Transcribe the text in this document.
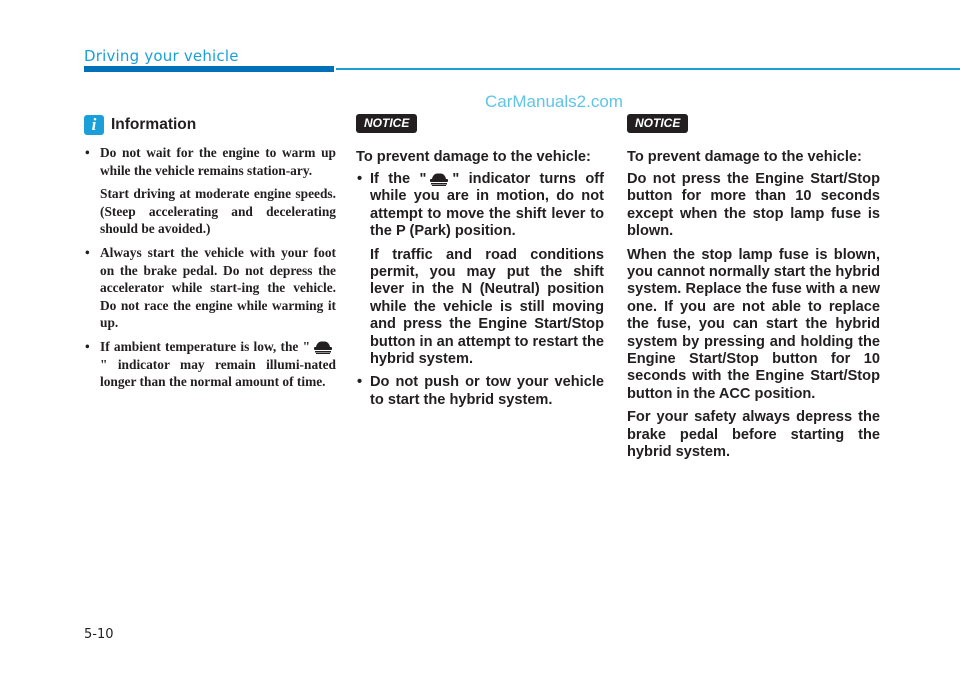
Driving your vehicle
CarManuals2.com
i Information

• Do not wait for the engine to warm up while the vehicle remains station-ary.

Start driving at moderate engine speeds. (Steep accelerating and decelerating should be avoided.)

• Always start the vehicle with your foot on the brake pedal. Do not depress the accelerator while start-ing the vehicle. Do not race the engine while warming it up.

• If ambient temperature is low, the "" indicator may remain illumi-nated longer than the normal amount of time.

NOTICE
To prevent damage to the vehicle:

• If the " " indicator turns off while you are in motion, do not attempt to move the shift lever to the P (Park) position.

If traffic and road conditions permit, you may put the shift lever in the N (Neutral) position while the vehicle is still moving and press the Engine Start/Stop button in an attempt to restart the hybrid system.

• Do not push or tow your vehicle to start the hybrid system.

NOTICE
To prevent damage to the vehicle:

Do not press the Engine Start/Stop button for more than 10 seconds except when the stop lamp fuse is blown.

When the stop lamp fuse is blown, you cannot normally start the hybrid system. Replace the fuse with a new one. If you are not able to replace the fuse, you can start the hybrid system by pressing and holding the Engine Start/Stop button for 10 seconds with the Engine Start/Stop button in the ACC position.

For your safety always depress the brake pedal before starting the hybrid system.

5-10
